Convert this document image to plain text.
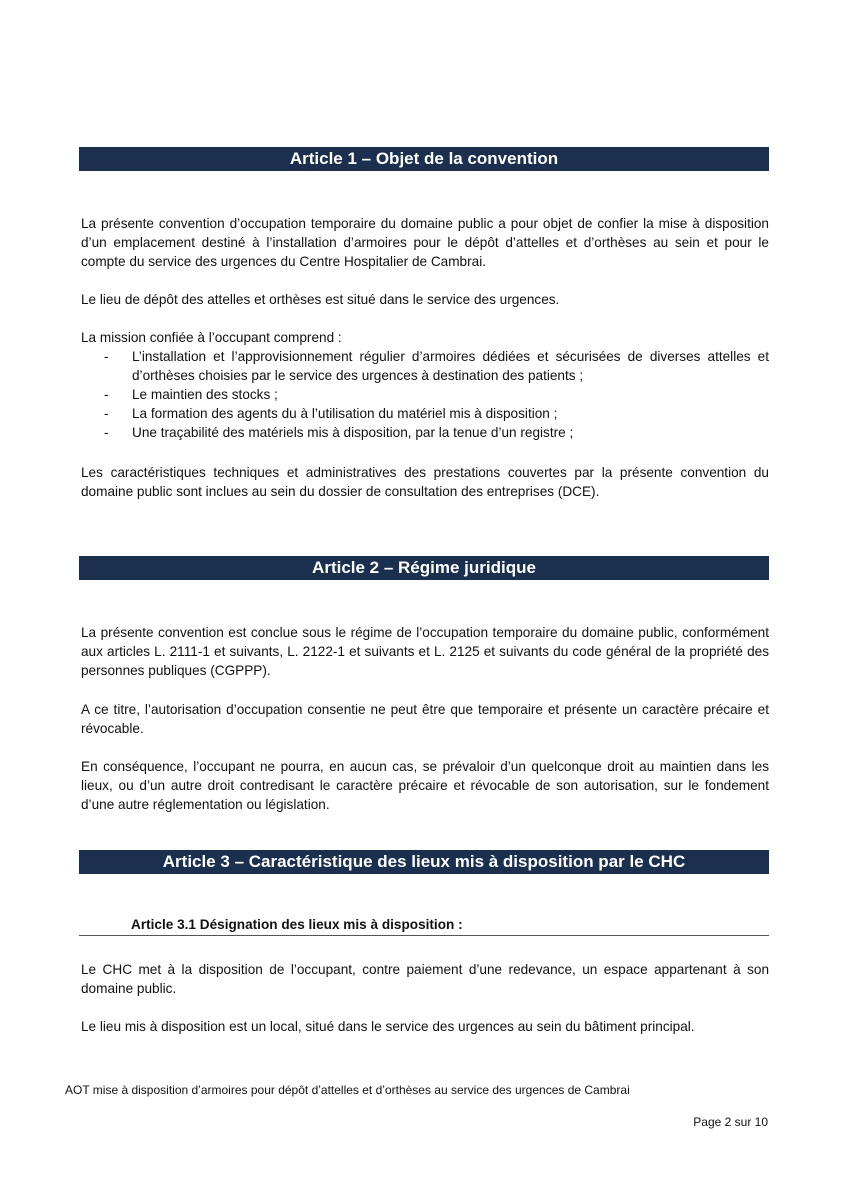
Article 1 – Objet de la convention
La présente convention d’occupation temporaire du domaine public a pour objet de confier la mise à disposition d’un emplacement destiné à l’installation d’armoires pour le dépôt d’attelles et d’orthèses au sein et pour le compte du service des urgences du Centre Hospitalier de Cambrai.
Le lieu de dépôt des attelles et orthèses est situé dans le service des urgences.
La mission confiée à l’occupant comprend :
- L’installation et l’approvisionnement régulier d’armoires dédiées et sécurisées de diverses attelles et d’orthèses choisies par le service des urgences à destination des patients ;
- Le maintien des stocks ;
- La formation des agents du à l’utilisation du matériel mis à disposition ;
- Une traçabilité des matériels mis à disposition, par la tenue d’un registre ;
Les caractéristiques techniques et administratives des prestations couvertes par la présente convention du domaine public sont inclues au sein du dossier de consultation des entreprises (DCE).
Article 2 – Régime juridique
La présente convention est conclue sous le régime de l’occupation temporaire du domaine public, conformément aux articles L. 2111-1 et suivants, L. 2122-1 et suivants et L. 2125 et suivants du code général de la propriété des personnes publiques (CGPPP).
A ce titre, l’autorisation d’occupation consentie ne peut être que temporaire et présente un caractère précaire et révocable.
En conséquence, l’occupant ne pourra, en aucun cas, se prévaloir d’un quelconque droit au maintien dans les lieux, ou d’un autre droit contredisant le caractère précaire et révocable de son autorisation, sur le fondement d’une autre réglementation ou législation.
Article 3 – Caractéristique des lieux mis à disposition par le CHC
Article 3.1 Désignation des lieux mis à disposition :
Le CHC met à la disposition de l’occupant, contre paiement d’une redevance, un espace appartenant à son domaine public.
Le lieu mis à disposition est un local, situé dans le service des urgences au sein du bâtiment principal.
AOT mise à disposition d’armoires pour dépôt d’attelles et d’orthèses au service des urgences de Cambrai
Page 2 sur 10
